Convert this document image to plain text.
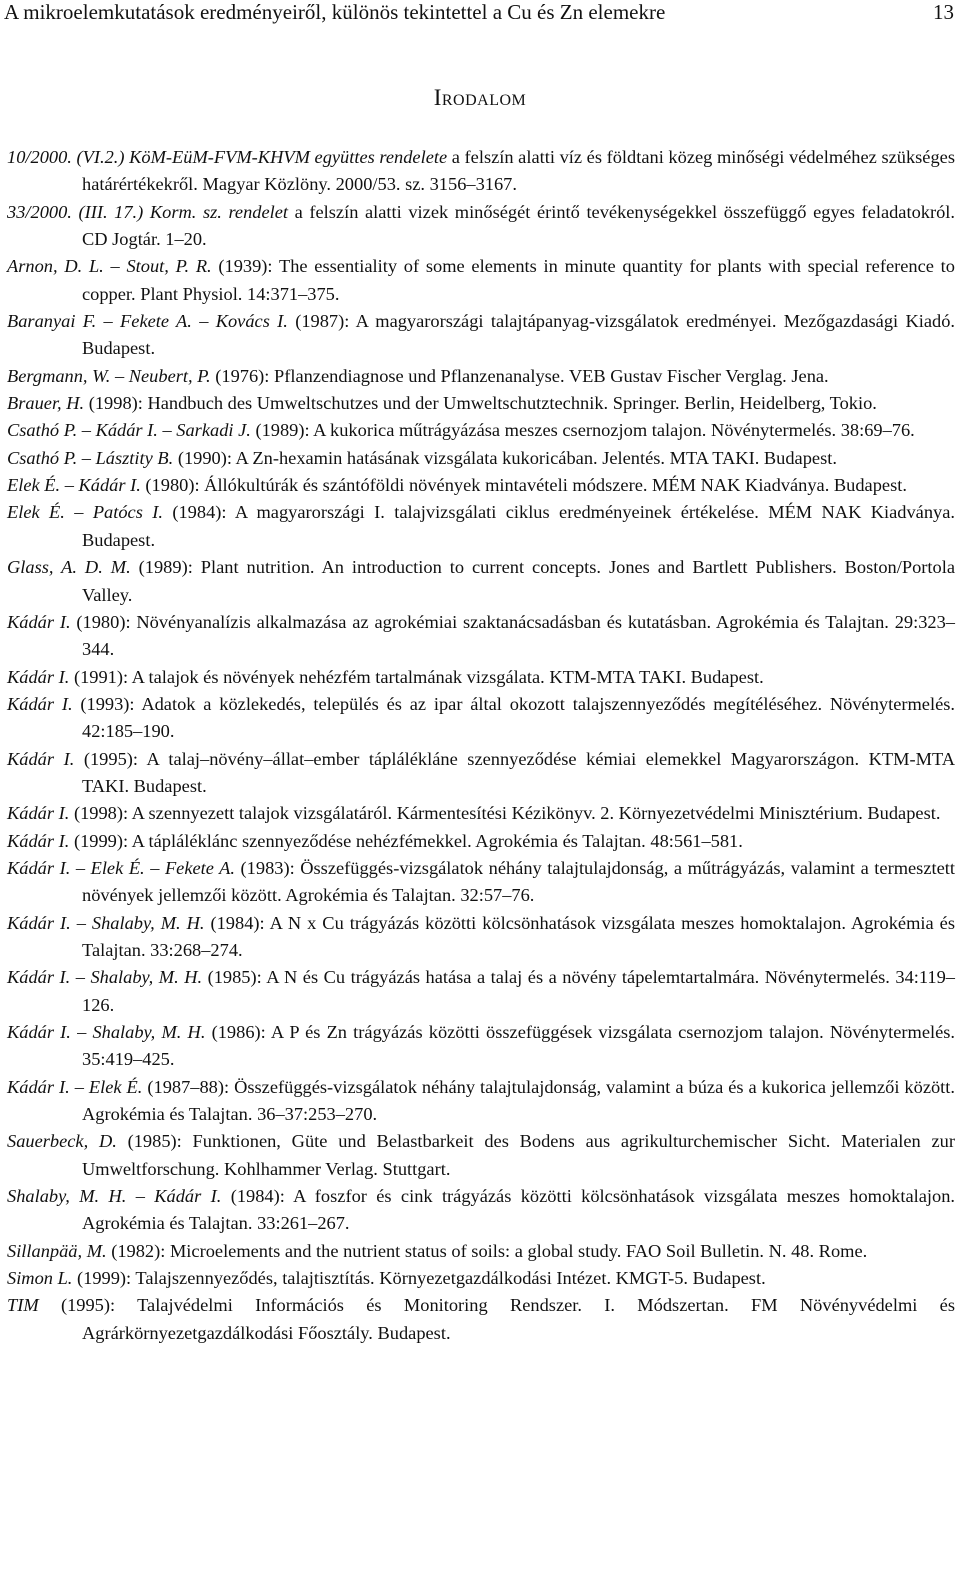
A mikroelemkutatások eredményeiről, különös tekintettel a Cu és Zn elemekre	13
Irodalom

10/2000. (VI.2.) KöM-EüM-FVM-KHVM együttes rendelete a felszín alatti víz és földtani közeg minőségi védelméhez szükséges határértékekről. Magyar Közlöny. 2000/53. sz. 3156–3167.

33/2000. (III. 17.) Korm. sz. rendelet a felszín alatti vizek minőségét érintő tevékenységekkel összefüggő egyes feladatokról. CD Jogtár. 1–20.

Arnon, D. L. – Stout, P. R. (1939): The essentiality of some elements in minute quantity for plants with special reference to copper. Plant Physiol. 14:371–375.

Baranyai F. – Fekete A. – Kovács I. (1987): A magyarországi talajtápanyag-vizsgálatok eredményei. Mezőgazdasági Kiadó. Budapest.

Bergmann, W. – Neubert, P. (1976): Pflanzendiagnose und Pflanzenanalyse. VEB Gustav Fischer Verglag. Jena.

Brauer, H. (1998): Handbuch des Umweltschutzes und der Umweltschutztechnik. Springer. Berlin, Heidelberg, Tokio.

Csathó P. – Kádár I. – Sarkadi J. (1989): A kukorica műtrágyázása meszes csernozjom talajon. Növénytermelés. 38:69–76.

Csathó P. – Lásztity B. (1990): A Zn-hexamin hatásának vizsgálata kukoricában. Jelentés. MTA TAKI. Budapest.

Elek É. – Kádár I. (1980): Állókultúrák és szántóföldi növények mintavételi módszere. MÉM NAK Kiadványa. Budapest.

Elek É. – Patócs I. (1984): A magyarországi I. talajvizsgálati ciklus eredményeinek értékelése. MÉM NAK Kiadványa. Budapest.

Glass, A. D. M. (1989): Plant nutrition. An introduction to current concepts. Jones and Bartlett Publishers. Boston/Portola Valley.

Kádár I. (1980): Növényanalízis alkalmazása az agrokémiai szaktanácsadásban és kutatásban. Agrokémia és Talajtan. 29:323–344.

Kádár I. (1991): A talajok és növények nehézfém tartalmának vizsgálata. KTM-MTA TAKI. Budapest.

Kádár I. (1993): Adatok a közlekedés, település és az ipar által okozott talajszennyeződés megítéléséhez. Növénytermelés. 42:185–190.

Kádár I. (1995): A talaj–növény–állat–ember táplálékláne szennyeződése kémiai elemekkel Magyarországon. KTM-MTA TAKI. Budapest.

Kádár I. (1998): A szennyezett talajok vizsgálatáról. Kármentesítési Kézikönyv. 2. Környezetvédelmi Minisztérium. Budapest.

Kádár I. (1999): A tápláléklánc szennyeződése nehézfémekkel. Agrokémia és Talajtan. 48:561–581.

Kádár I. – Elek É. – Fekete A. (1983): Összefüggés-vizsgálatok néhány talajtulajdonság, a műtrágyázás, valamint a termesztett növények jellemzői között. Agrokémia és Talajtan. 32:57–76.

Kádár I. – Shalaby, M. H. (1984): A N x Cu trágyázás közötti kölcsönhatások vizsgálata meszes homoktalajon. Agrokémia és Talajtan. 33:268–274.

Kádár I. – Shalaby, M. H. (1985): A N és Cu trágyázás hatása a talaj és a növény tápelemtartalmára. Növénytermelés. 34:119–126.

Kádár I. – Shalaby, M. H. (1986): A P és Zn trágyázás közötti összefüggések vizsgálata csernozjom talajon. Növénytermelés. 35:419–425.

Kádár I. – Elek É. (1987–88): Összefüggés-vizsgálatok néhány talajtulajdonság, valamint a búza és a kukorica jellemzői között. Agrokémia és Talajtan. 36–37:253–270.

Sauerbeck, D. (1985): Funktionen, Güte und Belastbarkeit des Bodens aus agrikulturchemischer Sicht. Materialen zur Umweltforschung. Kohlhammer Verlag. Stuttgart.

Shalaby, M. H. – Kádár I. (1984): A foszfor és cink trágyázás közötti kölcsönhatások vizsgálata meszes homoktalajon. Agrokémia és Talajtan. 33:261–267.

Sillanpää, M. (1982): Microelements and the nutrient status of soils: a global study. FAO Soil Bulletin. N. 48. Rome.

Simon L. (1999): Talajszennyeződés, talajtisztítás. Környezetgazdálkodási Intézet. KMGT-5. Budapest.

TIM (1995): Talajvédelmi Információs és Monitoring Rendszer. I. Módszertan. FM Növényvédelmi és Agrárkörnyezetgazdálkodási Főosztály. Budapest.
